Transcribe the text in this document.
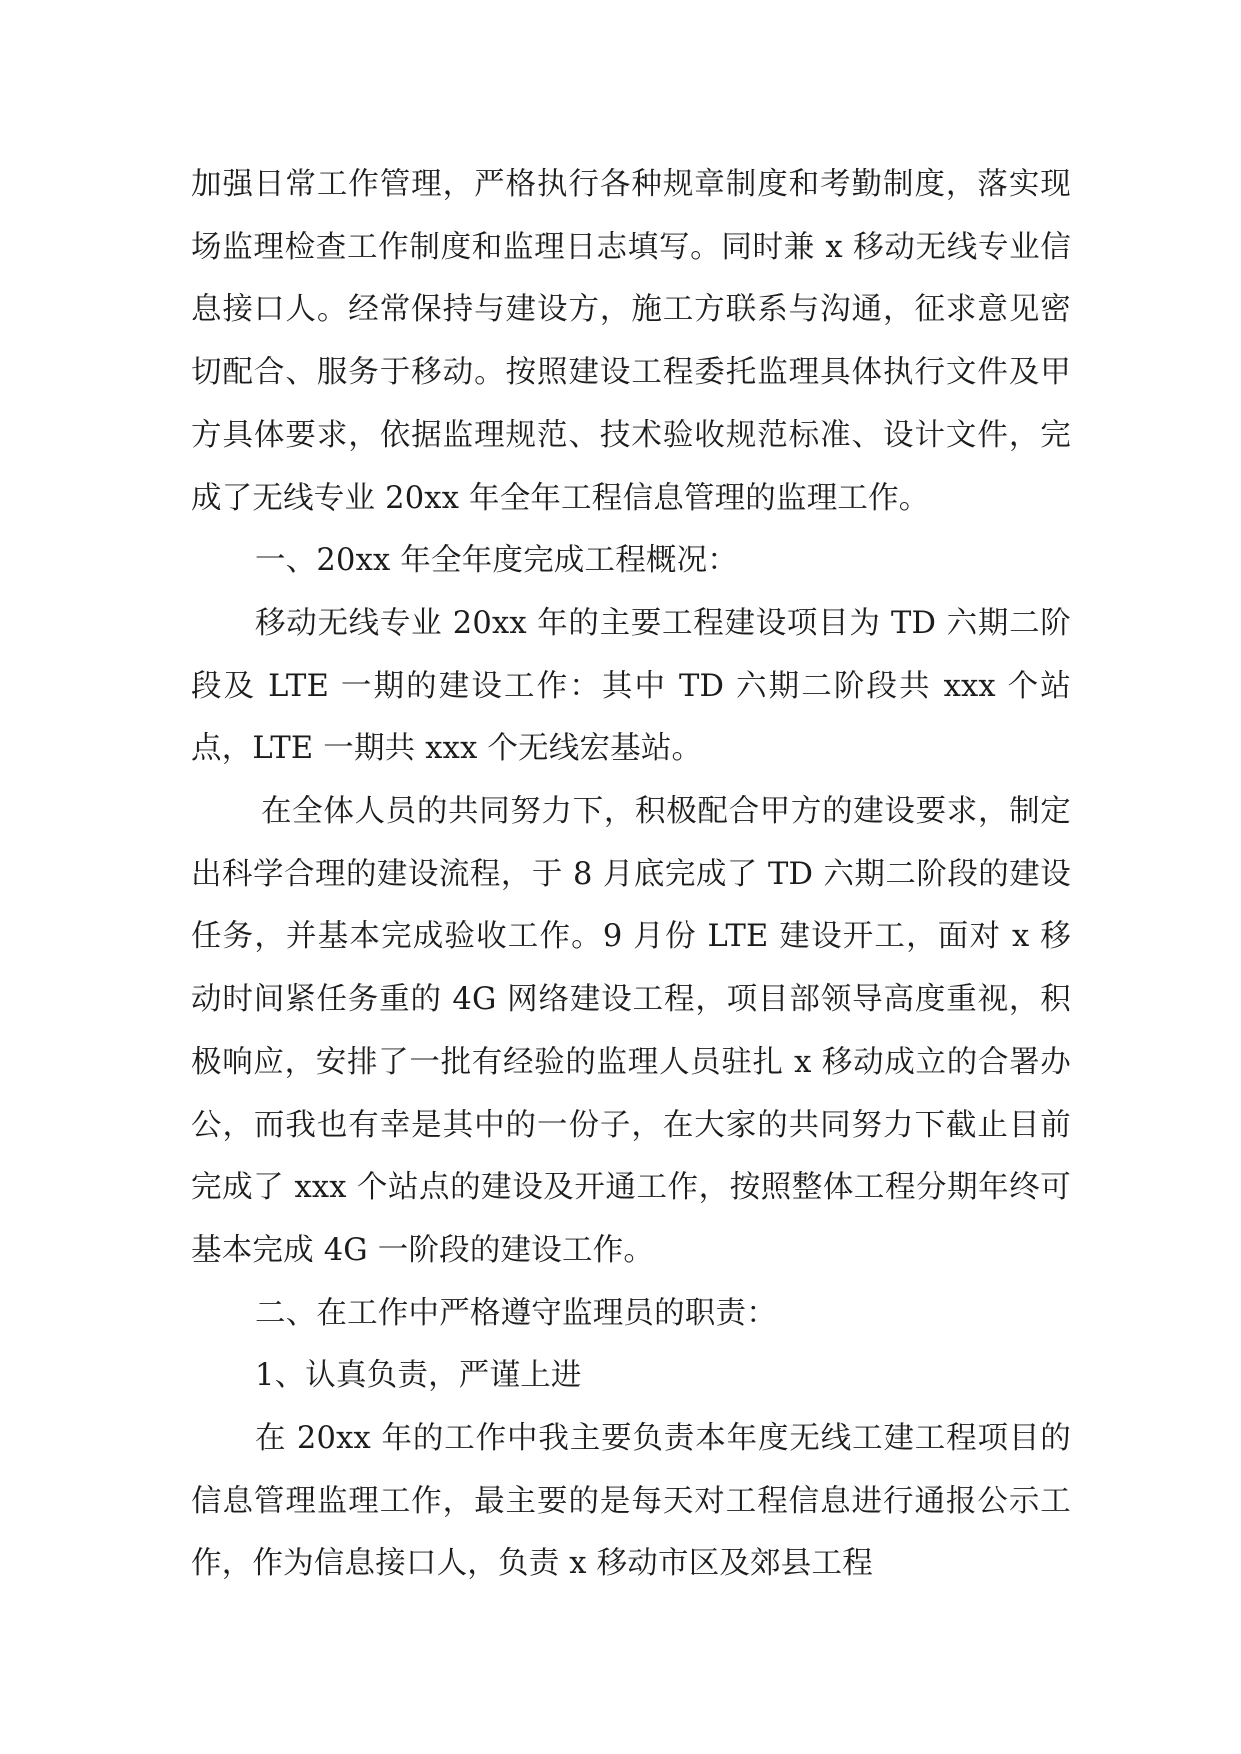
加强日常工作管理，严格执行各种规章制度和考勤制度，落实现场监理检查工作制度和监理日志填写。同时兼 x 移动无线专业信息接口人。经常保持与建设方，施工方联系与沟通，征求意见密切配合、服务于移动。按照建设工程委托监理具体执行文件及甲方具体要求，依据监理规范、技术验收规范标准、设计文件，完成了无线专业 20xx 年全年工程信息管理的监理工作。

一、20xx 年全年度完成工程概况：

移动无线专业 20xx 年的主要工程建设项目为 TD 六期二阶段及 LTE 一期的建设工作：其中 TD 六期二阶段共 xxx 个站点，LTE 一期共 xxx 个无线宏基站。

在全体人员的共同努力下，积极配合甲方的建设要求，制定出科学合理的建设流程，于 8 月底完成了 TD 六期二阶段的建设任务，并基本完成验收工作。9 月份 LTE 建设开工，面对 x 移动时间紧任务重的 4G 网络建设工程，项目部领导高度重视，积极响应，安排了一批有经验的监理人员驻扎 x 移动成立的合署办公，而我也有幸是其中的一份子，在大家的共同努力下截止目前完成了 xxx 个站点的建设及开通工作，按照整体工程分期年终可基本完成 4G 一阶段的建设工作。

二、在工作中严格遵守监理员的职责：

1、认真负责，严谨上进

在 20xx 年的工作中我主要负责本年度无线工建工程项目的信息管理监理工作，最主要的是每天对工程信息进行通报公示工作，作为信息接口人，负责 x 移动市区及郊县工程
